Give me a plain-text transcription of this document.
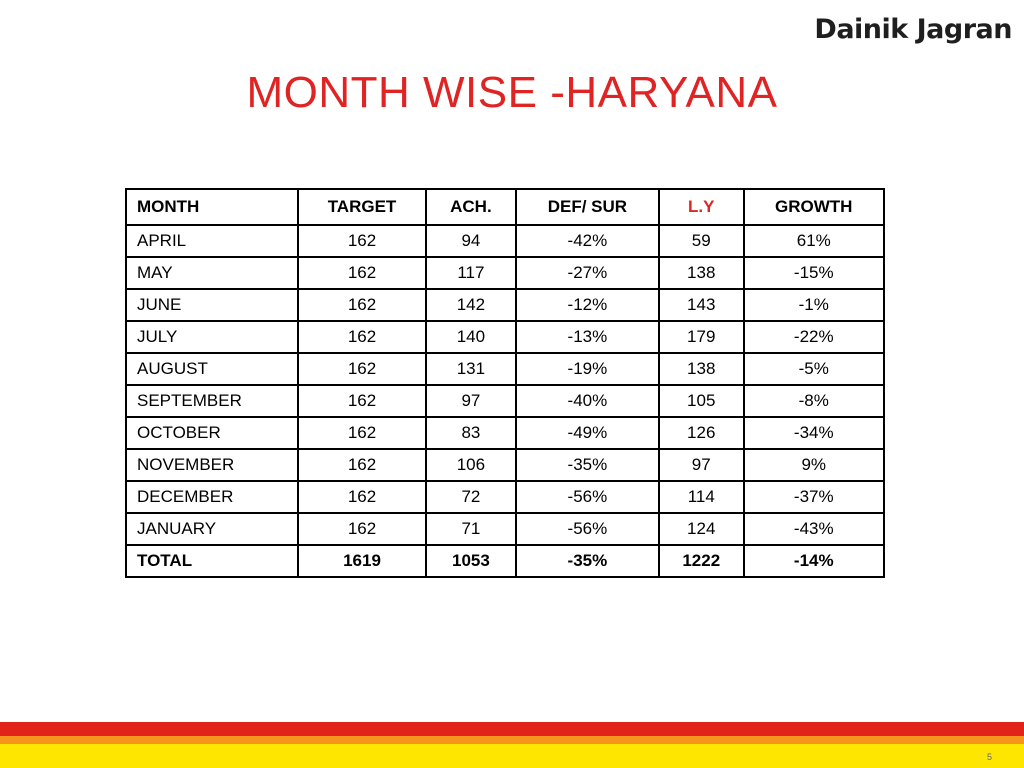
Dainik Jagran
MONTH WISE -HARYANA
MONTH	TARGET	ACH.	DEF/ SUR	L.Y	GROWTH
APRIL	162	94	-42%	59	61%
MAY	162	117	-27%	138	-15%
JUNE	162	142	-12%	143	-1%
JULY	162	140	-13%	179	-22%
AUGUST	162	131	-19%	138	-5%
SEPTEMBER	162	97	-40%	105	-8%
OCTOBER	162	83	-49%	126	-34%
NOVEMBER	162	106	-35%	97	9%
DECEMBER	162	72	-56%	114	-37%
JANUARY	162	71	-56%	124	-43%
TOTAL	1619	1053	-35%	1222	-14%
5
